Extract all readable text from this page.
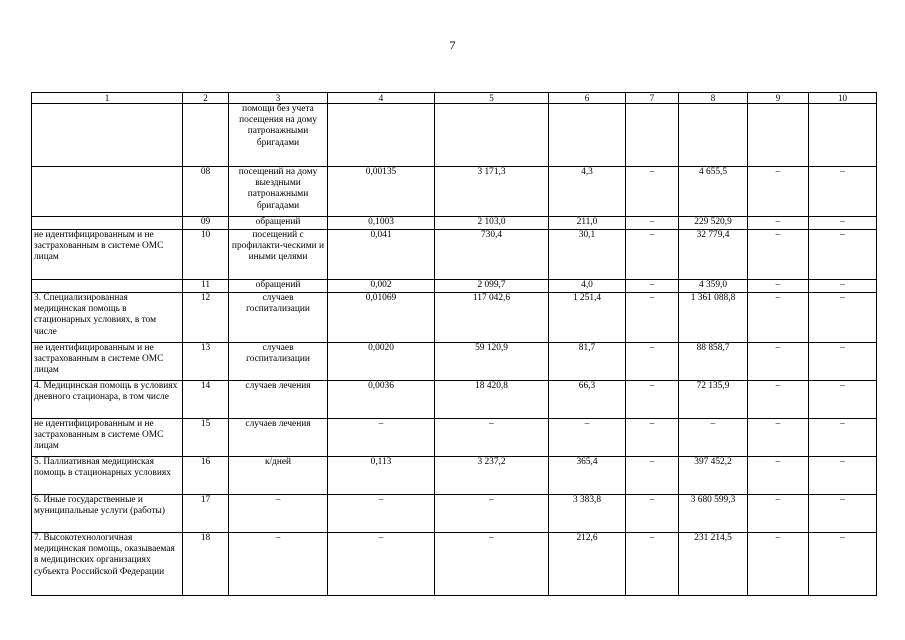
7
1	2	3	4	5	6	7	8	9	10
		помощи без учета посещения на дому патронажными бригадами							
	08	посещений на дому выездными патронажными бригадами	0,00135	3 171,3	4,3	–	4 655,5	–	–
	09	обращений	0,1003	2 103,0	211,0	–	229 520,9	–	–
не идентифицированным и не застрахованным в системе ОМС лицам	10	посещений с профилакти-ческими и иными целями	0,041	730,4	30,1	–	32 779,4	–	–
	11	обращений	0,002	2 099,7	4,0	–	4 359,0	–	–
3. Специализированная медицинская помощь в стационарных условиях, в том числе	12	случаев госпитализации	0,01069	117 042,6	1 251,4	–	1 361 088,8	–	–
не идентифицированным и не застрахованным в системе ОМС лицам	13	случаев госпитализации	0,0020	59 120,9	81,7	–	88 858,7	–	–
4. Медицинская помощь в условиях дневного стационара, в том числе	14	случаев лечения	0,0036	18 420,8	66,3	–	72 135,9	–	–
не идентифицированным и не застрахованным в системе ОМС лицам	15	случаев лечения	–	–	–	–	–	–	–
5. Паллиативная медицинская помощь в стационарных условиях	16	к/дней	0,113	3 237,2	365,4	–	397 452,2	–	–
6. Иные государственные и муниципальные услуги (работы)	17	–	–	–	3 383,8	–	3 680 599,3	–	–
7. Высокотехнологичная медицинская помощь, оказываемая в медицинских организациях субъекта Российской Федерации	18	–	–	–	212,6	–	231 214,5	–	–
